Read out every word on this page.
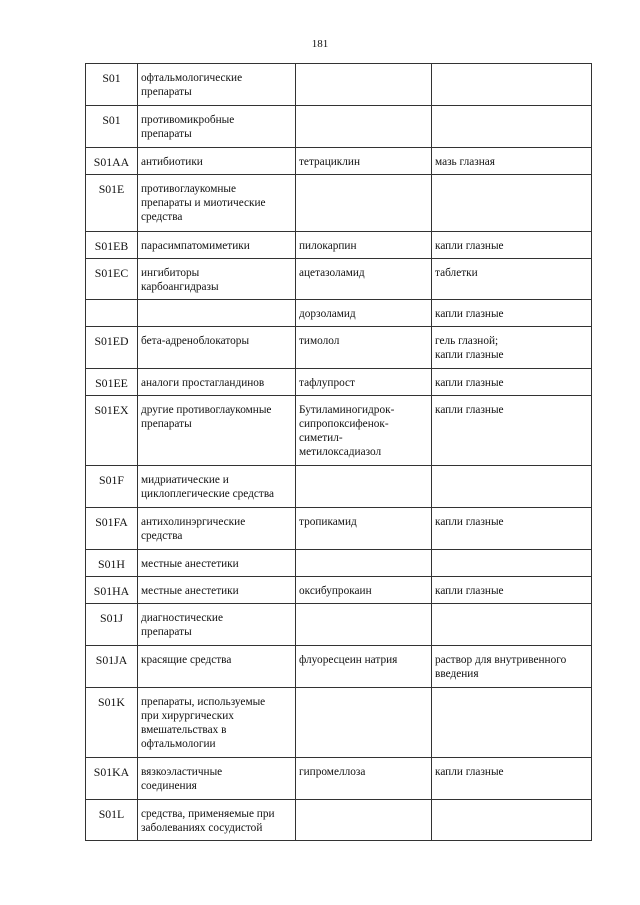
181
S01	офтальмологические
препараты		
S01	противомикробные
препараты		
S01AA	антибиотики	тетрациклин	мазь глазная
S01E	противоглаукомные
препараты и миотические
средства		
S01EB	парасимпатомиметики	пилокарпин	капли глазные
S01EC	ингибиторы
карбоангидразы	ацетазоламид	таблетки
		дорзоламид	капли глазные
S01ED	бета-адреноблокаторы	тимолол	гель глазной;
капли глазные
S01EE	аналоги простагландинов	тафлупрост	капли глазные
S01EX	другие противоглаукомные
препараты	Бутиламиногидрок-
сипропоксифенок-
симетил-
метилоксадиазол	капли глазные
S01F	мидриатические и
циклоплегические средства		
S01FA	антихолинэргические
средства	тропикамид	капли глазные
S01H	местные анестетики		
S01HA	местные анестетики	оксибупрокаин	капли глазные
S01J	диагностические
препараты		
S01JA	красящие средства	флуоресцеин натрия	раствор для внутривенного
введения
S01K	препараты, используемые
при хирургических
вмешательствах в
офтальмологии		
S01KA	вязкоэластичные
соединения	гипромеллоза	капли глазные
S01L	средства, применяемые при
заболеваниях сосудистой		
